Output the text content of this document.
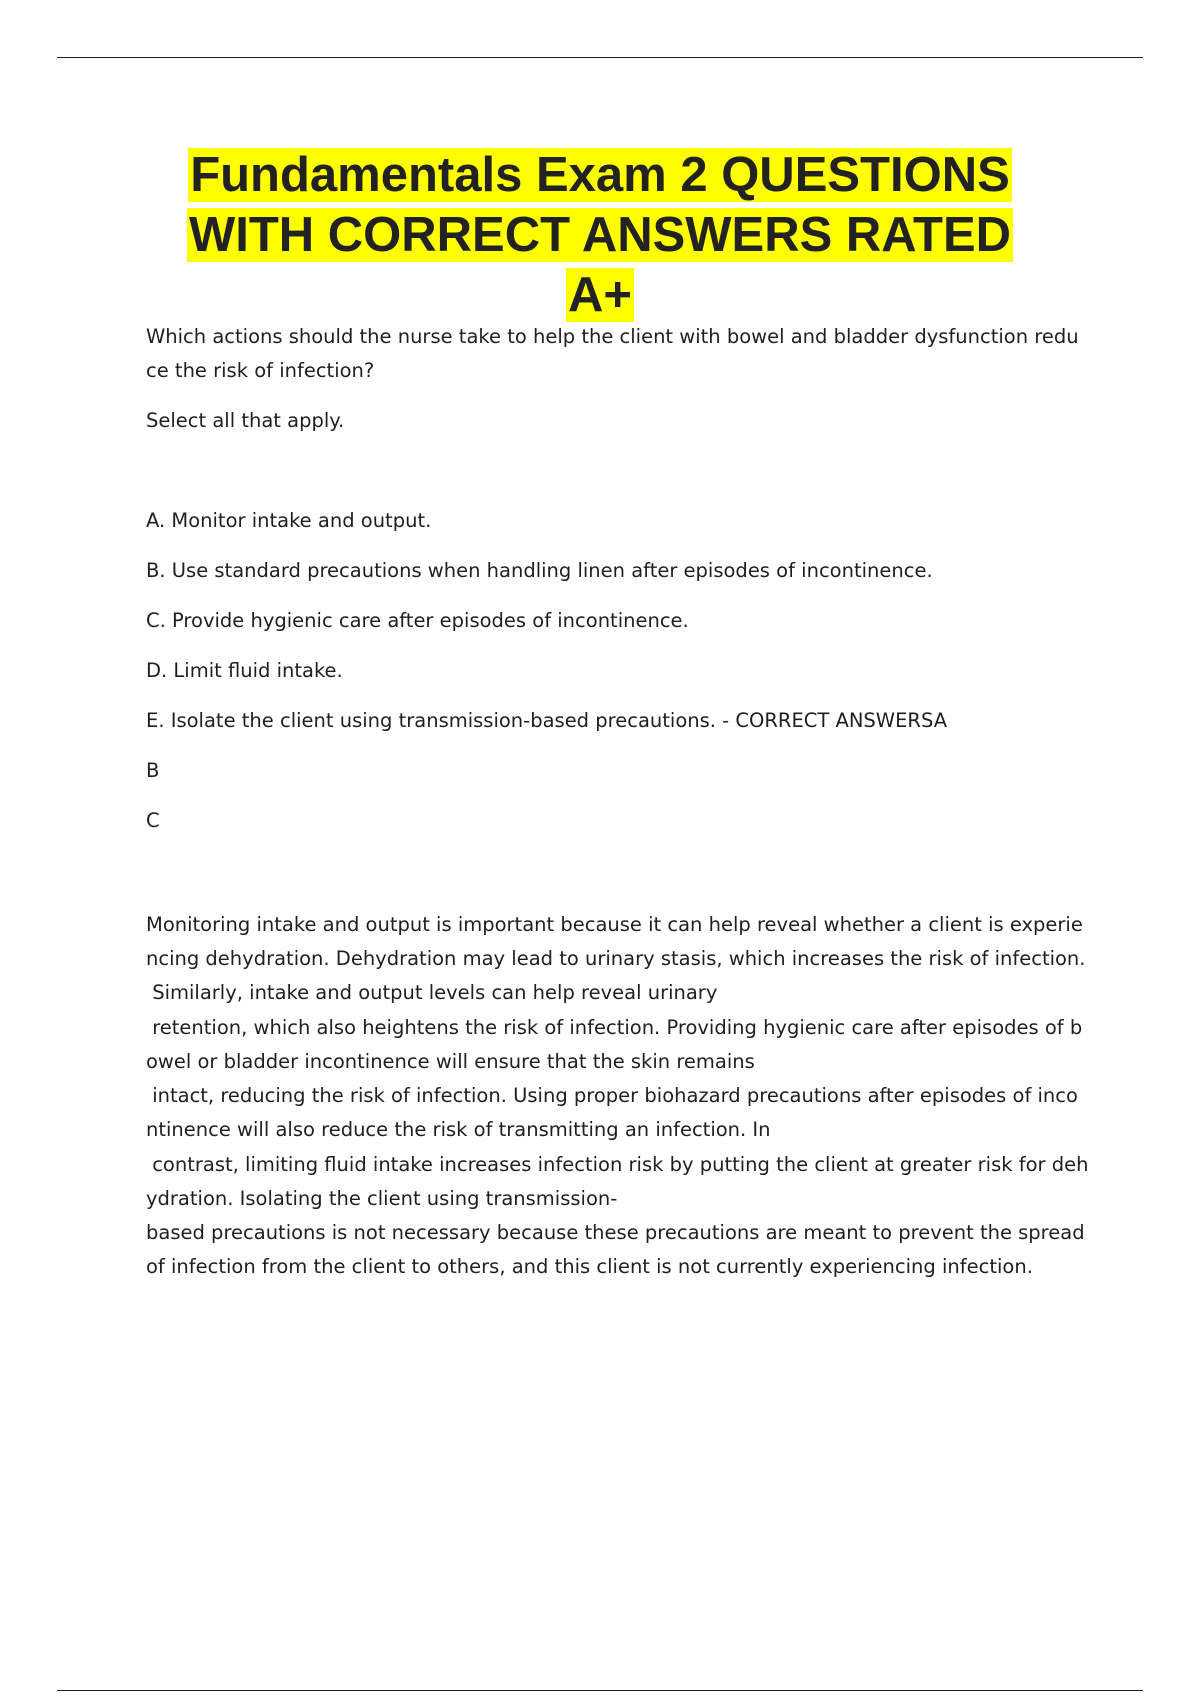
Fundamentals Exam 2 QUESTIONS
WITH CORRECT ANSWERS RATED
A+
Which actions should the nurse take to help the client with bowel and bladder dysfunction redu
ce the risk of infection?
Select all that apply.
A. Monitor intake and output.
B. Use standard precautions when handling linen after episodes of incontinence.
C. Provide hygienic care after episodes of incontinence.
D. Limit fluid intake.
E. Isolate the client using transmission-based precautions. - CORRECT ANSWERSA
B
C
Monitoring intake and output is important because it can help reveal whether a client is experie
ncing dehydration. Dehydration may lead to urinary stasis, which increases the risk of infection.
Similarly, intake and output levels can help reveal urinary
retention, which also heightens the risk of infection. Providing hygienic care after episodes of b
owel or bladder incontinence will ensure that the skin remains
intact, reducing the risk of infection. Using proper biohazard precautions after episodes of inco
ntinence will also reduce the risk of transmitting an infection. In
contrast, limiting fluid intake increases infection risk by putting the client at greater risk for deh
ydration. Isolating the client using transmission-
based precautions is not necessary because these precautions are meant to prevent the spread
of infection from the client to others, and this client is not currently experiencing infection.
